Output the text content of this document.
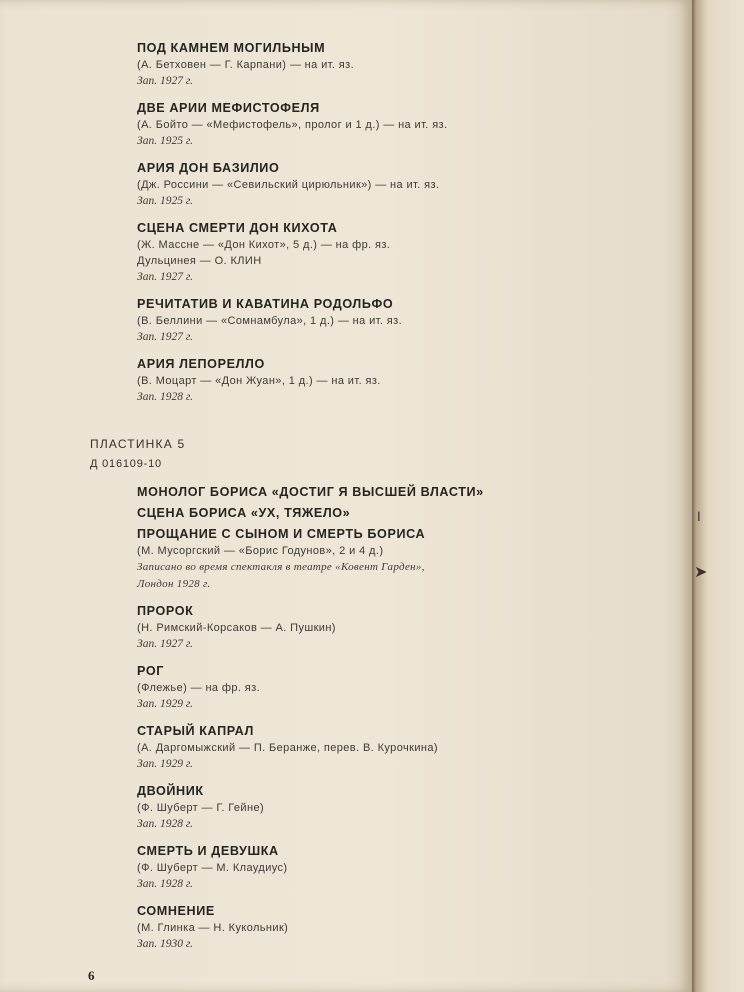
ПОД КАМНЕМ МОГИЛЬНЫМ
(А. Бетховен — Г. Карпани) — на ит. яз.
Зап. 1927 г.
ДВЕ АРИИ МЕФИСТОФЕЛЯ
(А. Бойто — «Мефистофель», пролог и 1 д.) — на ит. яз.
Зап. 1925 г.
АРИЯ ДОН БАЗИЛИО
(Дж. Россини — «Севильский цирюльник») — на ит. яз.
Зап. 1925 г.
СЦЕНА СМЕРТИ ДОН КИХОТА
(Ж. Массне — «Дон Кихот», 5 д.) — на фр. яз.
Дульцинея — О. КЛИН
Зап. 1927 г.
РЕЧИТАТИВ И КАВАТИНА РОДОЛЬФО
(В. Беллини — «Сомнамбула», 1 д.) — на ит. яз.
Зап. 1927 г.
АРИЯ ЛЕПОРЕЛЛО
(В. Моцарт — «Дон Жуан», 1 д.) — на ит. яз.
Зап. 1928 г.
ПЛАСТИНКА 5
Д 016109-10
МОНОЛОГ БОРИСА «ДОСТИГ Я ВЫСШЕЙ ВЛАСТИ»
СЦЕНА БОРИСА «УХ, ТЯЖЕЛО»
ПРОЩАНИЕ С СЫНОМ И СМЕРТЬ БОРИСА
(М. Мусоргский — «Борис Годунов», 2 и 4 д.)
Записано во время спектакля в театре «Ковент Гарден»,
Лондон 1928 г.
ПРОРОК
(Н. Римский-Корсаков — А. Пушкин)
Зап. 1927 г.
РОГ
(Флежье) — на фр. яз.
Зап. 1929 г.
СТАРЫЙ КАПРАЛ
(А. Даргомыжский — П. Беранже, перев. В. Курочкина)
Зап. 1929 г.
ДВОЙНИК
(Ф. Шуберт — Г. Гейне)
Зап. 1928 г.
СМЕРТЬ И ДЕВУШКА
(Ф. Шуберт — М. Клаудиус)
Зап. 1928 г.
СОМНЕНИЕ
(М. Глинка — Н. Кукольник)
Зап. 1930 г.
6
╷
➤
